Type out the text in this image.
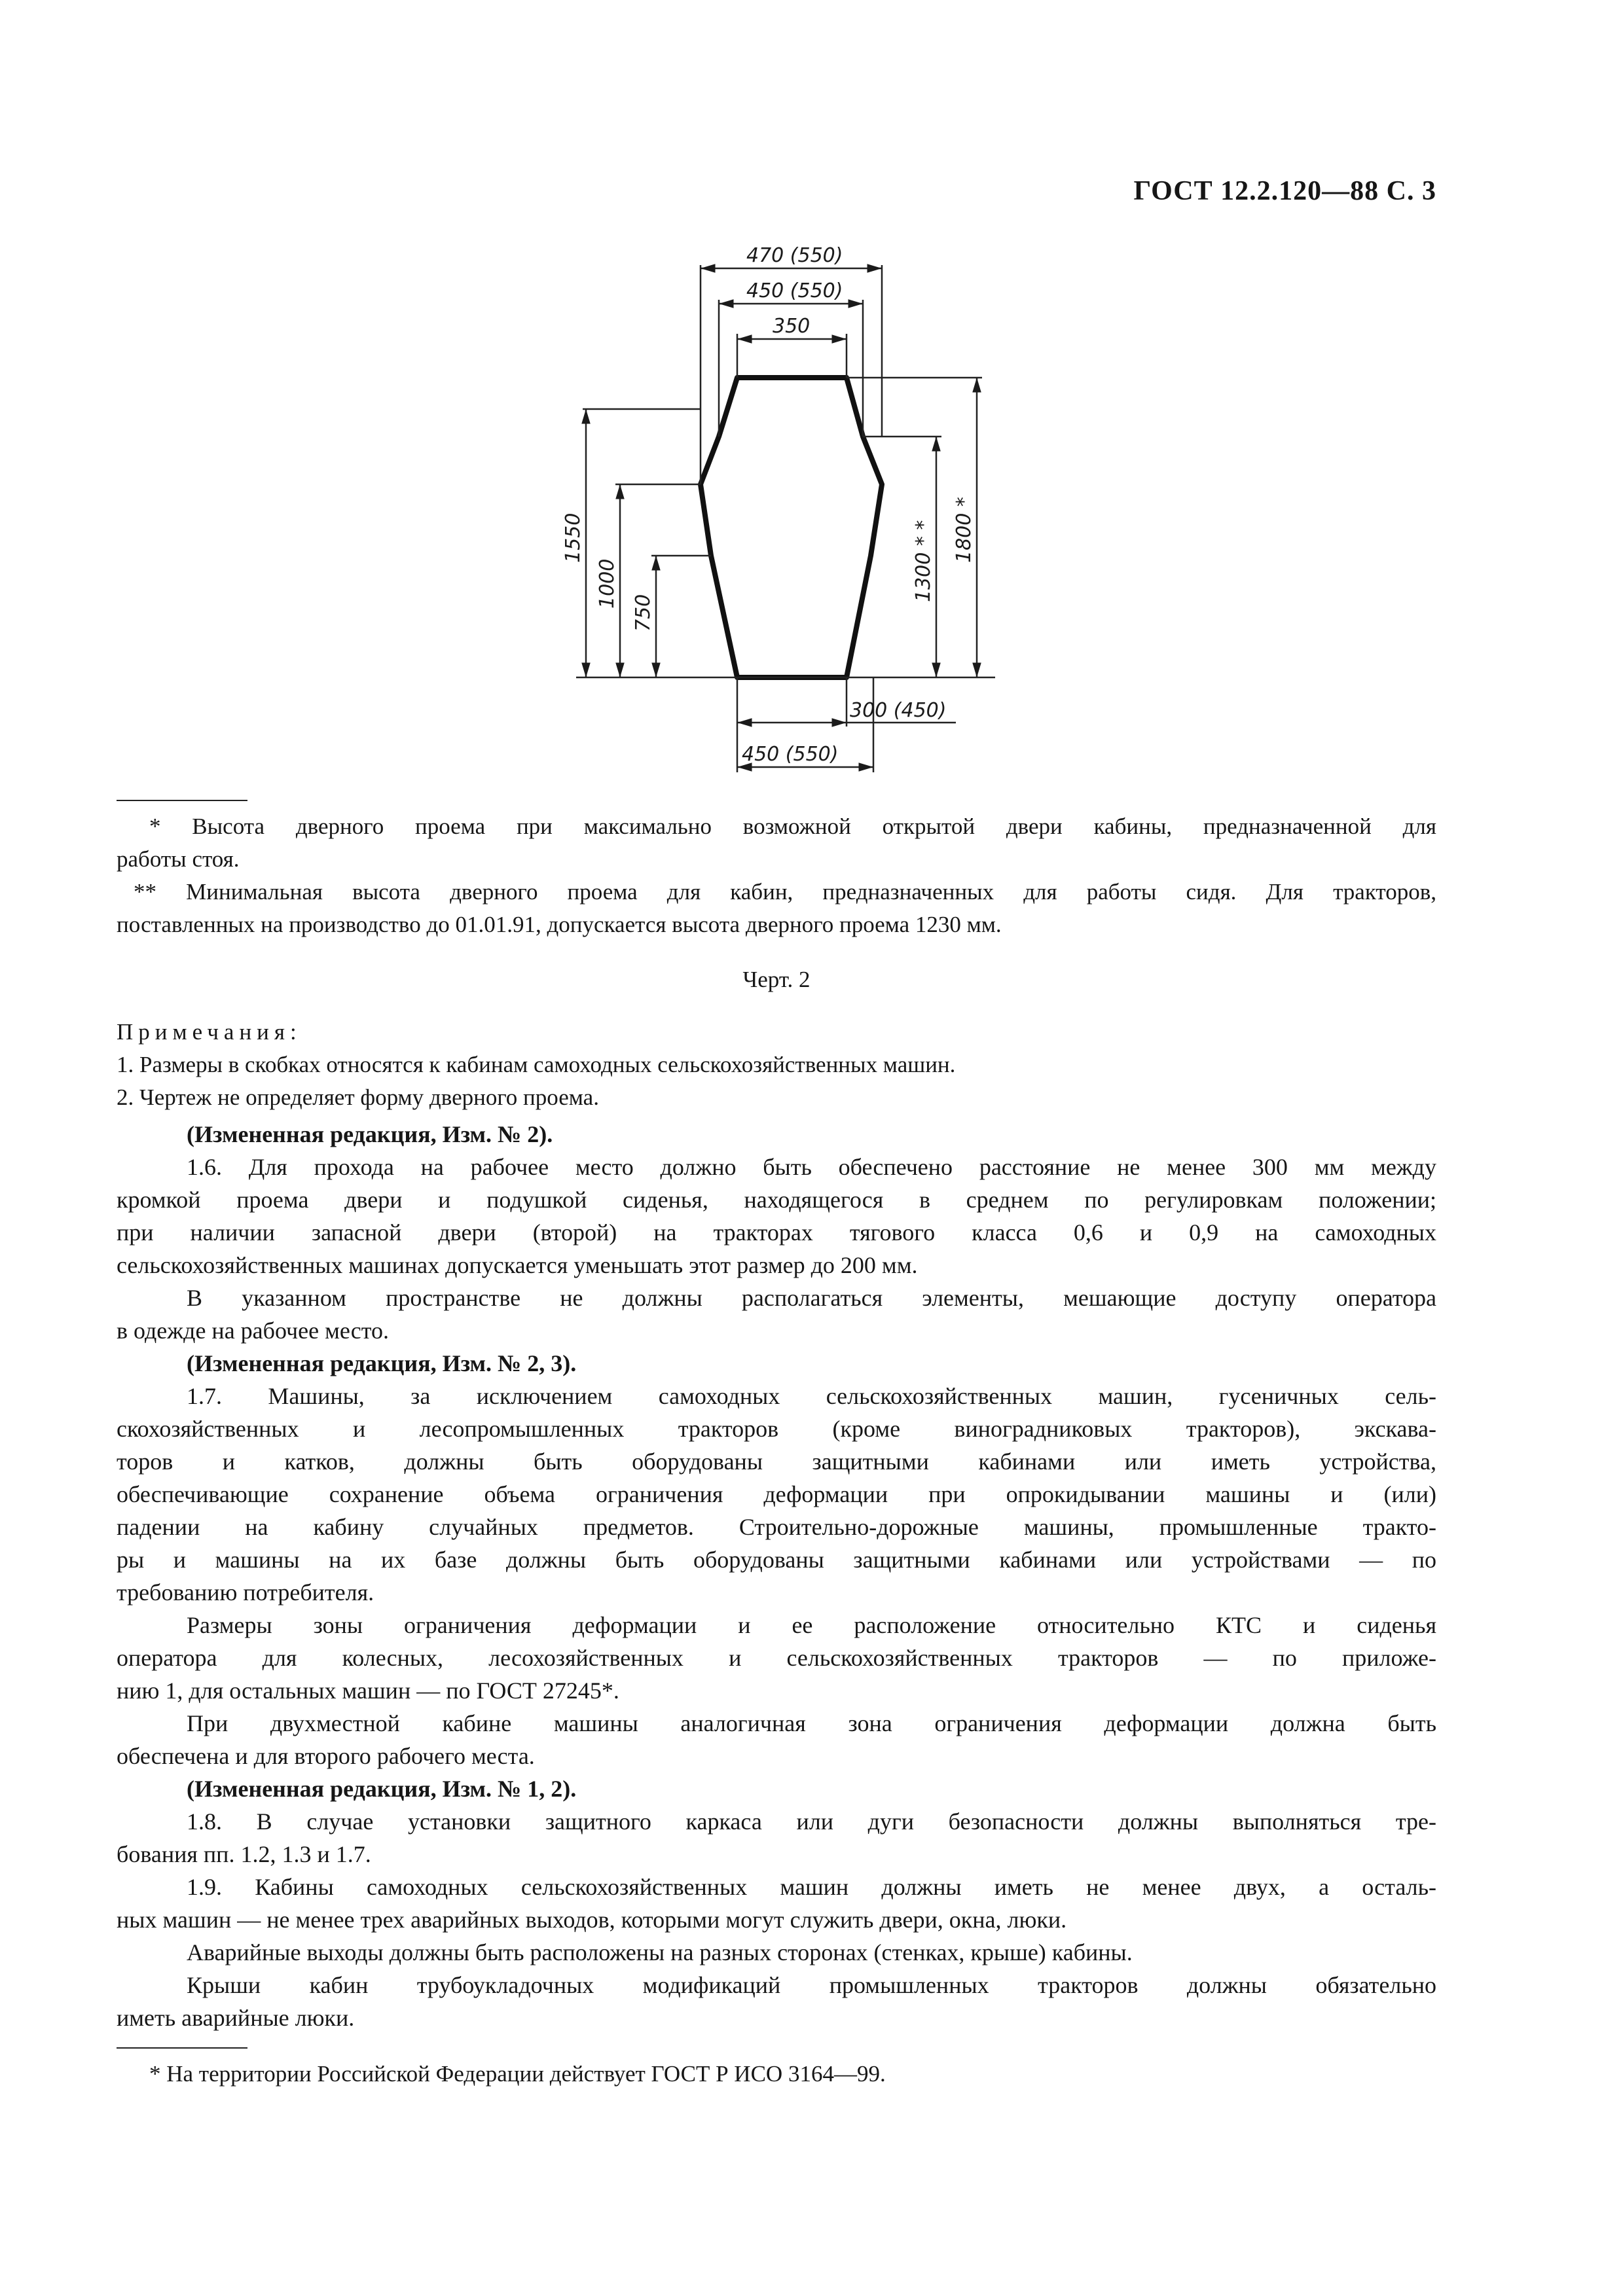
ГОСТ 12.2.120—88 С. 3
470 (550)
450 (550)
350
1550
1000
750
1300 * * 1800 *
300 (450)
450 (550)
* Высота дверного проема при максимально возможной открытой двери кабины, предназначенной для
работы стоя.
** Минимальная высота дверного проема для кабин, предназначенных для работы сидя. Для тракторов,
поставленных на производство до 01.01.91, допускается высота дверного проема 1230 мм.
Черт. 2
Примечания:
1. Размеры в скобках относятся к кабинам самоходных сельскохозяйственных машин.
2. Чертеж не определяет форму дверного проема.
(Измененная редакция, Изм. № 2).
1.6. Для прохода на рабочее место должно быть обеспечено расстояние не менее 300 мм между
кромкой проема двери и подушкой сиденья, находящегося в среднем по регулировкам положении;
при наличии запасной двери (второй) на тракторах тягового класса 0,6 и 0,9 на самоходных
сельскохозяйственных машинах допускается уменьшать этот размер до 200 мм.
В указанном пространстве не должны располагаться элементы, мешающие доступу оператора
в одежде на рабочее место.
(Измененная редакция, Изм. № 2, 3).
1.7. Машины, за исключением самоходных сельскохозяйственных машин, гусеничных сель-
скохозяйственных и лесопромышленных тракторов (кроме виноградниковых тракторов), экскава-
торов и катков, должны быть оборудованы защитными кабинами или иметь устройства,
обеспечивающие сохранение объема ограничения деформации при опрокидывании машины и (или)
падении на кабину случайных предметов. Строительно-дорожные машины, промышленные тракто-
ры и машины на их базе должны быть оборудованы защитными кабинами или устройствами — по
требованию потребителя.
Размеры зоны ограничения деформации и ее расположение относительно КТС и сиденья
оператора для колесных, лесохозяйственных и сельскохозяйственных тракторов — по приложе-
нию 1, для остальных машин — по ГОСТ 27245*.
При двухместной кабине машины аналогичная зона ограничения деформации должна быть
обеспечена и для второго рабочего места.
(Измененная редакция, Изм. № 1, 2).
1.8. В случае установки защитного каркаса или дуги безопасности должны выполняться тре-
бования пп. 1.2, 1.3 и 1.7.
1.9. Кабины самоходных сельскохозяйственных машин должны иметь не менее двух, а осталь-
ных машин — не менее трех аварийных выходов, которыми могут служить двери, окна, люки.
Аварийные выходы должны быть расположены на разных сторонах (стенках, крыше) кабины.
Крыши кабин трубоукладочных модификаций промышленных тракторов должны обязательно
иметь аварийные люки.
* На территории Российской Федерации действует ГОСТ Р ИСО 3164—99.
